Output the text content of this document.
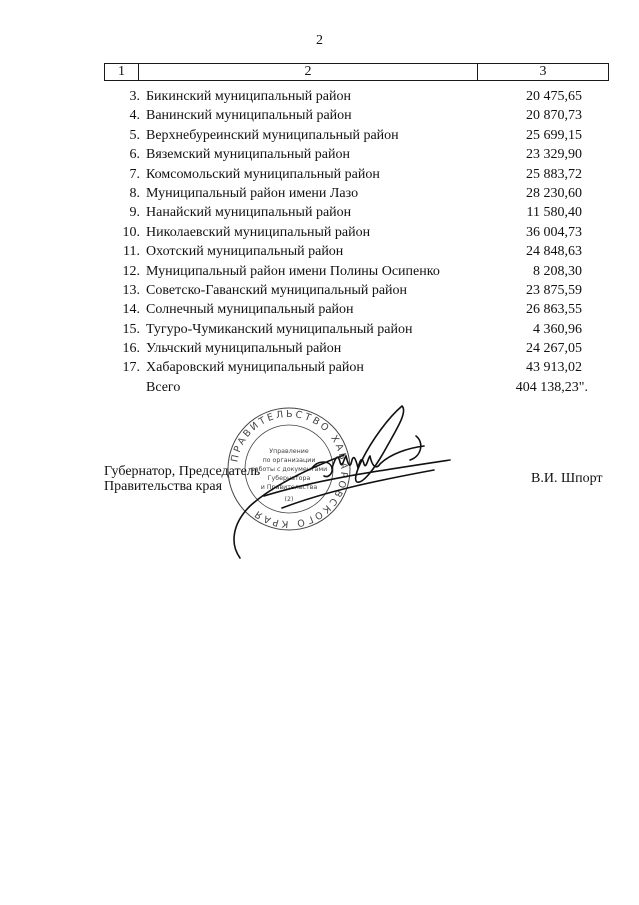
2
1	2	3
3. Бикинский муниципальный район	20 475,65
4. Ванинский муниципальный район	20 870,73
5. Верхнебуреинский муниципальный район	25 699,15
6. Вяземский муниципальный район	23 329,90
7. Комсомольский муниципальный район	25 883,72
8. Муниципальный район имени Лазо	28 230,60
9. Нанайский муниципальный район	11 580,40
10. Николаевский муниципальный район	36 004,73
11. Охотский муниципальный район	24 848,63
12. Муниципальный район имени Полины Осипенко	8 208,30
13. Советско-Гаванский муниципальный район	23 875,59
14. Солнечный муниципальный район	26 863,55
15. Тугуро-Чумиканский муниципальный район	4 360,96
16. Ульчский муниципальный район	24 267,05
17. Хабаровский муниципальный район	43 913,02
Всего	404 138,23".
ПРАВИТЕЛЬСТВО ХАБАРОВСКОГО КРАЯ
Управление
по организации
работы с документами
Губернатора
и Правительства
(2)
Губернатор, Председатель
Правительства края
В.И. Шпорт
